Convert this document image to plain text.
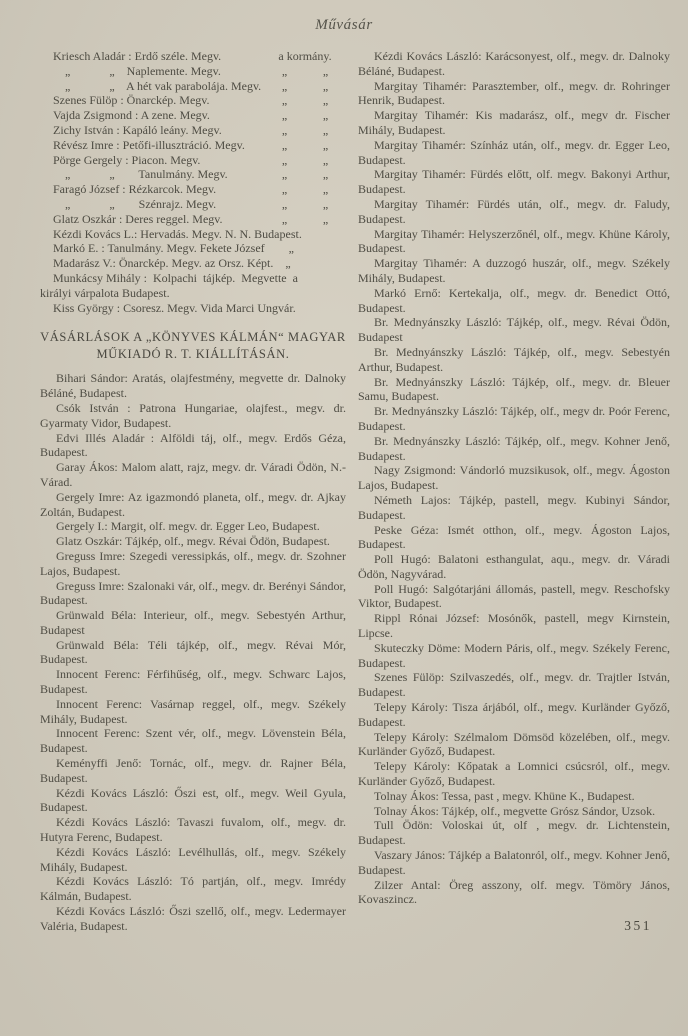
Művásár
Kriesch Aladár : Erdő széle. Megv.	a kormány.
„             „    Naplemente. Megv.	„	„
„             „    A hét vak parabolája. Megv.	„	„
Szenes Fülöp : Önarckép. Megv.	„	„
Vajda Zsigmond : A zene. Megv.	„	„
Zichy István : Kapáló leány. Megv.	„	„
Révész Imre : Petőfi-illusztráció. Megv.	„	„
Pörge Gergely : Piacon. Megv.	„	„
„             „        Tanulmány. Megv.	„	„
Faragó József : Rézkarcok. Megv.	„	„
„             „        Szénrajz. Megv.	„	„
Glatz Oszkár : Deres reggel. Megv.	„	„
Kézdi Kovács L.: Hervadás. Megv. N. N. Budapest.
Markó E. : Tanulmány. Megv. Fekete József        „
Madarász V.: Önarckép. Megv. az Orsz. Képt.    „
Munkácsy Mihály :  Kolpachi  tájkép.  Megvette  a
királyi várpalota Budapest.
Kiss György : Csoresz. Megv. Vida Marci Ungvár.
VÁSÁRLÁSOK A „KÖNYVES KÁLMÁN“ MAGYAR
MŰKIADÓ R. T. KIÁLLÍTÁSÁN.

Bihari Sándor: Aratás, olajfestmény, megvette dr. Dalnoky Béláné, Budapest.

Csók István : Patrona Hungariae, olajfest., megv. dr. Gyarmaty Vidor, Budapest.

Edvi Illés Aladár : Alföldi táj, olf., megv. Erdős Géza, Budapest.

Garay Ákos: Malom alatt, rajz, megv. dr. Váradi Ödön, N.-Várad.

Gergely Imre: Az igazmondó planeta, olf., megv. dr. Ajkay Zoltán, Budapest.

Gergely I.: Margit, olf. megv. dr. Egger Leo, Budapest.

Glatz Oszkár: Tájkép, olf., megv. Révai Ödön, Budapest.

Greguss Imre: Szegedi veressipkás, olf., megv. dr. Szohner Lajos, Budapest.

Greguss Imre: Szalonaki vár, olf., megv. dr. Berényi Sándor, Budapest.

Grünwald Béla: Interieur, olf., megv. Sebestyén Arthur, Budapest

Grünwald Béla: Téli tájkép, olf., megv. Révai Mór, Budapest.

Innocent Ferenc: Férfihűség, olf., megv. Schwarc Lajos, Budapest.

Innocent Ferenc: Vasárnap reggel, olf., megv. Székely Mihály, Budapest.

Innocent Ferenc: Szent vér, olf., megv. Lövenstein Béla, Budapest.

Keményffi Jenő: Tornác, olf., megv. dr. Rajner Béla, Budapest.

Kézdi Kovács László: Őszi est, olf., megv. Weil Gyula, Budapest.

Kézdi Kovács László: Tavaszi fuvalom, olf., megv. dr. Hutyra Ferenc, Budapest.

Kézdi Kovács László: Levélhullás, olf., megv. Székely Mihály, Budapest.

Kézdi Kovács László: Tó partján, olf., megv. Imrédy Kálmán, Budapest.

Kézdi Kovács László: Őszi szellő, olf., megv. Ledermayer Valéria, Budapest.

Kézdi Kovács László: Karácsonyest, olf., megv. dr. Dalnoky Béláné, Budapest.

Margitay Tihamér: Parasztember, olf., megv. dr. Rohringer Henrik, Budapest.

Margitay Tihamér: Kis madarász, olf., megv dr. Fischer Mihály, Budapest.

Margitay Tihamér: Színház után, olf., megv. dr. Egger Leo, Budapest.

Margitay Tihamér: Fürdés előtt, olf. megv. Bakonyi Arthur, Budapest.

Margitay Tihamér: Fürdés után, olf., megv. dr. Faludy, Budapest.

Margitay Tihamér: Helyszerzőnél, olf., megv. Khüne Károly, Budapest.

Margitay Tihamér: A duzzogó huszár, olf., megv. Székely Mihály, Budapest.

Markó Ernő: Kertekalja, olf., megv. dr. Benedict Ottó, Budapest.

Br. Mednyánszky László: Tájkép, olf., megv. Révai Ödön, Budapest

Br. Mednyánszky László: Tájkép, olf., megv. Sebestyén Arthur, Budapest.

Br. Mednyánszky László: Tájkép, olf., megv. dr. Bleuer Samu, Budapest.

Br. Mednyánszky László: Tájkép, olf., megv dr. Poór Ferenc, Budapest.

Br. Mednyánszky László: Tájkép, olf., megv. Kohner Jenő, Budapest.

Nagy Zsigmond: Vándorló muzsikusok, olf., megv. Ágoston Lajos, Budapest.

Németh Lajos: Tájkép, pastell, megv. Kubinyi Sándor, Budapest.

Peske Géza: Ismét otthon, olf., megv. Ágoston Lajos, Budapest.

Poll Hugó: Balatoni esthangulat, aqu., megv. dr. Váradi Ödön, Nagyvárad.

Poll Hugó: Salgótarjáni állomás, pastell, megv. Reschofsky Viktor, Budapest.

Rippl Rónai József: Mosónők, pastell, megv Kirnstein, Lipcse.

Skuteczky Döme: Modern Páris, olf., megv. Székely Ferenc, Budapest.

Szenes Fülöp: Szilvaszedés, olf., megv. dr. Trajtler István, Budapest.

Telepy Károly: Tisza árjából, olf., megv. Kurländer Győző, Budapest.

Telepy Károly: Szélmalom Dömsöd közelében, olf., megv. Kurländer Győző, Budapest.

Telepy Károly: Kőpatak a Lomnici csúcsról, olf., megv. Kurländer Győző, Budapest.

Tolnay Ákos: Tessa, past , megv. Khüne K., Budapest.

Tolnay Ákos: Tájkép, olf., megvette Grósz Sándor, Uzsok.

Tull Ödön: Voloskai út, olf , megv. dr. Lichtenstein, Budapest.

Vaszary János: Tájkép a Balatonról, olf., megv. Kohner Jenő, Budapest.

Zilzer Antal: Öreg asszony, olf. megv. Tömöry János, Kovaszincz.

351
